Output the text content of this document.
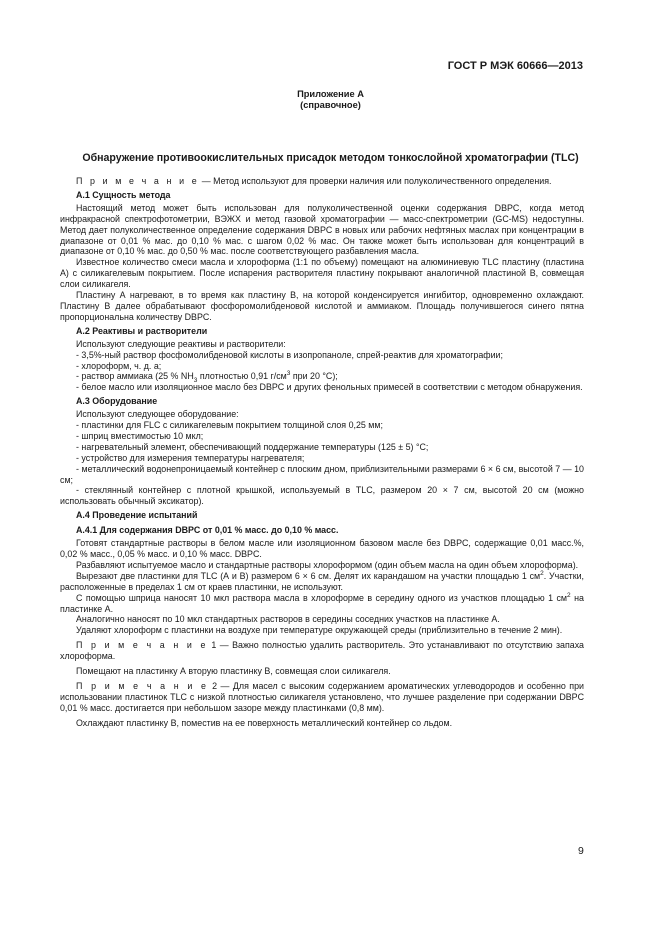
ГОСТ Р МЭК 60666—2013
Приложение А
(справочное)
Обнаружение противоокислительных присадок методом тонкослойной хроматографии (TLC)

П р и м е ч а н и е — Метод используют для проверки наличия или полуколичественного определения.

А.1 Сущность метода

Настоящий метод может быть использован для полуколичественной оценки содержания DBPC, когда метод инфракрасной спектрофотометрии, ВЭЖХ и метод газовой хроматографии — масс-спектрометрии (GC-MS) недоступны. Метод дает полуколичественное определение содержания DBPC в новых или рабочих нефтяных маслах при концентрации в диапазоне от 0,01 % мас. до 0,10 % мас. с шагом 0,02 % мас. Он также может быть использован для концентраций в диапазоне от 0,10 % мас. до 0,50 % мас. после соответствующего разбавления масла.

Известное количество смеси масла и хлороформа (1:1 по объему) помещают на алюминиевую TLC пластину (пластина А) с силикагелевым покрытием. После испарения растворителя пластину покрывают аналогичной пластиной В, совмещая слои силикагеля.

Пластину А нагревают, в то время как пластину В, на которой конденсируется ингибитор, одновременно охлаждают. Пластину В далее обрабатывают фосфоромолибденовой кислотой и аммиаком. Площадь получившегося синего пятна пропорциональна количеству DBPC.

А.2 Реактивы и растворители

Используют следующие реактивы и растворители:

- 3,5%-ный раствор фосфомолибденовой кислоты в изопропаноле, спрей-реактив для хроматографии;

- хлороформ, ч. д. а;

- раствор аммиака (25 % $NH_3$ плотностью 0,91 $г/см^3$ при 20 °С);

- белое масло или изоляционное масло без DBPC и других фенольных примесей в соответствии с методом обнаружения.

А.3 Оборудование

Используют следующее оборудование:

- пластинки для FLC с силикагелевым покрытием толщиной слоя 0,25 мм;

- шприц вместимостью 10 мкл;

- нагревательный элемент, обеспечивающий поддержание температуры (125 ± 5) °С;

- устройство для измерения температуры нагревателя;

- металлический водонепроницаемый контейнер с плоским дном, приблизительными размерами 6 × 6 см, высотой 7 — 10 см;

- стеклянный контейнер с плотной крышкой, используемый в TLC, размером 20 × 7 см, высотой 20 см (можно использовать обычный эксикатор).

А.4 Проведение испытаний

А.4.1 Для содержания DBPC от 0,01 % масс. до 0,10 % масс.

Готовят стандартные растворы в белом масле или изоляционном базовом масле без DBPC, содержащие 0,01 масс.%, 0,02 % масс., 0,05 % масс. и 0,10 % масс. DBPC.

Разбавляют испытуемое масло и стандартные растворы хлороформом (один объем масла на один объем хлороформа).

Вырезают две пластинки для TLC (А и В) размером 6 × 6 см. Делят их карандашом на участки площадью 1 $см^2$. Участки, расположенные в пределах 1 см от краев пластинки, не используют.

С помощью шприца наносят 10 мкл раствора масла в хлороформе в середину одного из участков площадью 1 $см^2$ на пластинке А.

Аналогично наносят по 10 мкл стандартных растворов в середины соседних участков на пластинке А.

Удаляют хлороформ с пластинки на воздухе при температуре окружающей среды (приблизительно в течение 2 мин).

П р и м е ч а н и е 1 — Важно полностью удалить растворитель. Это устанавливают по отсутствию запаха хлороформа.

Помещают на пластинку А вторую пластинку В, совмещая слои силикагеля.

П р и м е ч а н и е 2 — Для масел с высоким содержанием ароматических углеводородов и особенно при использовании пластинок TLC с низкой плотностью силикагеля установлено, что лучшее разделение при содержании DBPC 0,01 % масс. достигается при небольшом зазоре между пластинками (0,8 мм).

Охлаждают пластинку В, поместив на ее поверхность металлический контейнер со льдом.

9
